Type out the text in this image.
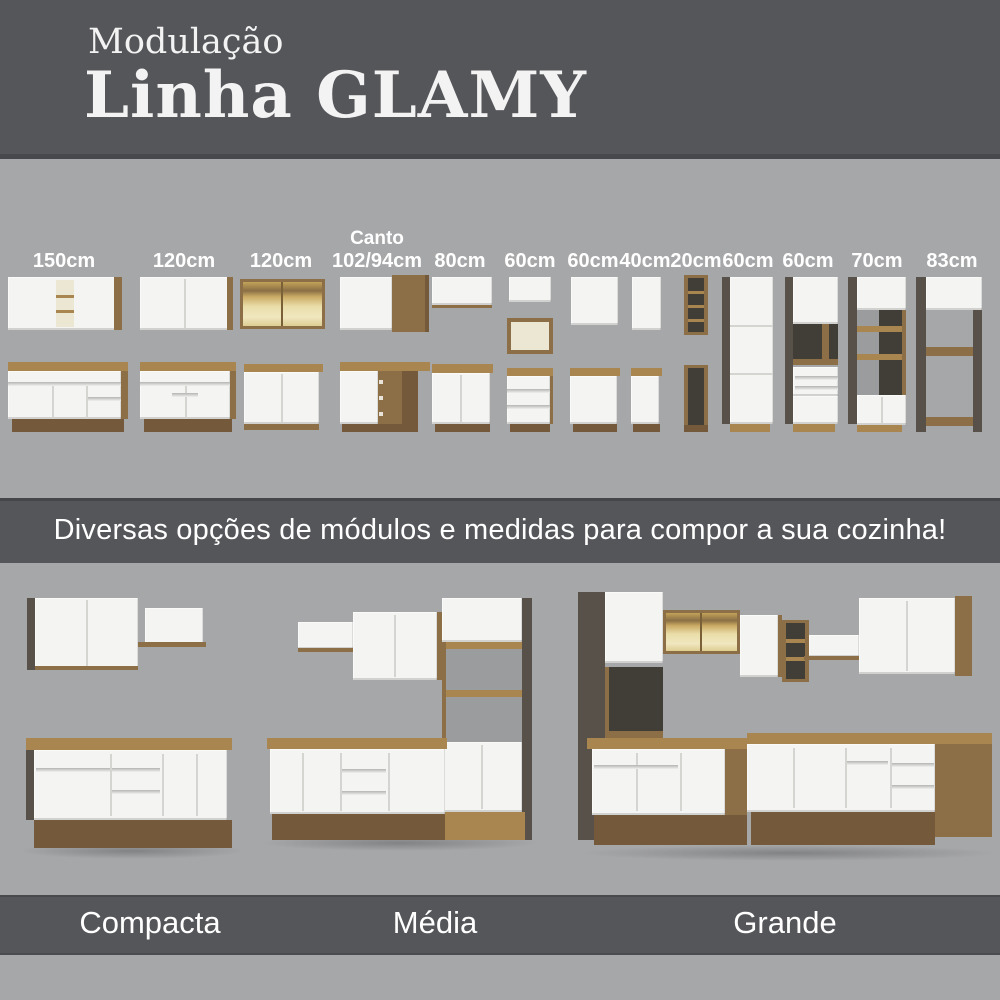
Modulação
Linha GLAMY
Canto
150cm	120cm 120cm 102/94cm 80cm 60cm 60cm 40cm 20cm 60cm 60cm 70cm 83cm
Diversas opções de módulos e medidas para compor a sua cozinha!
Compacta	Média	Grande
